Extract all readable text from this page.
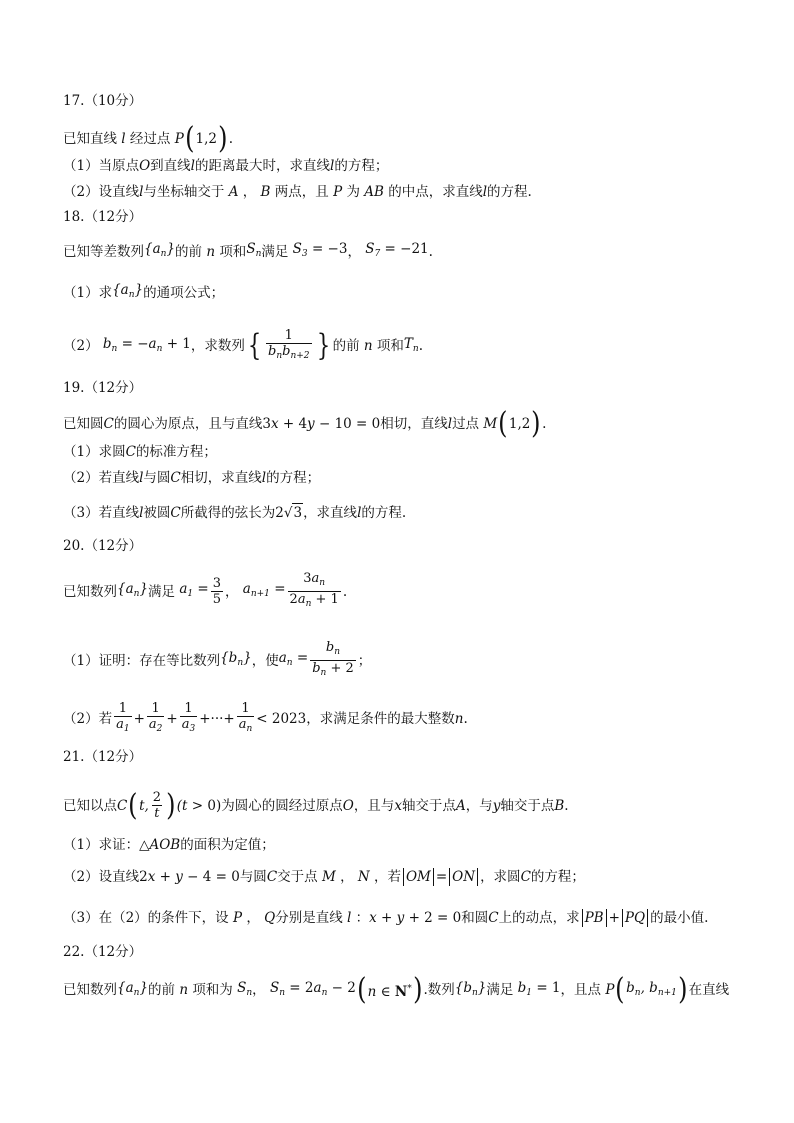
17.（10分）
已知直线 l 经过点 P ( 1,2 ) .
（1）当原点 O 到直线 l 的距离最大时，求直线 l 的方程；
（2）设直线 l 与坐标轴交于 A ， B 两点，且 P 为 AB 的中点，求直线 l 的方程.
18.（12分）
已知等差数列 $\{a_n\}$ 的前 n 项和 $S_n$ 满足 $S_3 = -3$ ， $S_7 = -21$ .
（1）求 $\{a_n\}$ 的通项公式；
（2） $b_n = -a_n + 1$ ，求数列 { $\frac{1}{b_nb_{n+2}}$ } 的前 n 项和 $T_n$ .
19.（12分）
已知圆 C 的圆心为原点，且与直线 3x + 4y − 10 = 0 相切，直线 l 过点 M ( 1,2 ) .
（1）求圆 C 的标准方程；
（2）若直线 l 与圆 C 相切，求直线 l 的方程；
（3）若直线 l 被圆 C 所截得的弦长为 2√ 3 ，求直线 l 的方程.
20.（12分）
已知数列 $\{a_n\}$ 满足 $a_1 = \frac{3}{5}$ ， $a_{n+1} = \frac{3a_n}{2a_n + 1}$ .
（1）证明：存在等比数列 $\{b_n\}$ ，使 $a_n = \frac{b_n}{b_n + 2}$ ；
（2）若 $\frac{1}{a_1} + \frac{1}{a_2} + \frac{1}{a_3}$ +···+ $\frac{1}{a_n} < 2023$ ，求满足条件的最大整数 n .
21.（12分）
已知以点 C ( t, $\frac{2}{t}$ ) (t > 0) 为圆心的圆经过原点 O ，且与 x 轴交于点 A ，与 y 轴交于点 B .
（1）求证： △AOB 的面积为定值；
（2）设直线 2x + y − 4 = 0 与圆 C 交于点 M ， N ，若 OM = ON ，求圆 C 的方程；
（3）在（2）的条件下，设 P ， Q 分别是直线 l ： x + y + 2 = 0 和圆 C 上的动点，求 PB + PQ 的最小值.
22.（12分）
已知数列 $\{a_n\}$ 的前 n 项和为 $S_n$ ， $S_n = 2a_n - 2$ ( n ∈ N* ) .数列 $\{b_n\}$ 满足 $b_1 = 1$ ，且点 P ( $b_n$, $b_{n+1}$ ) 在直线
